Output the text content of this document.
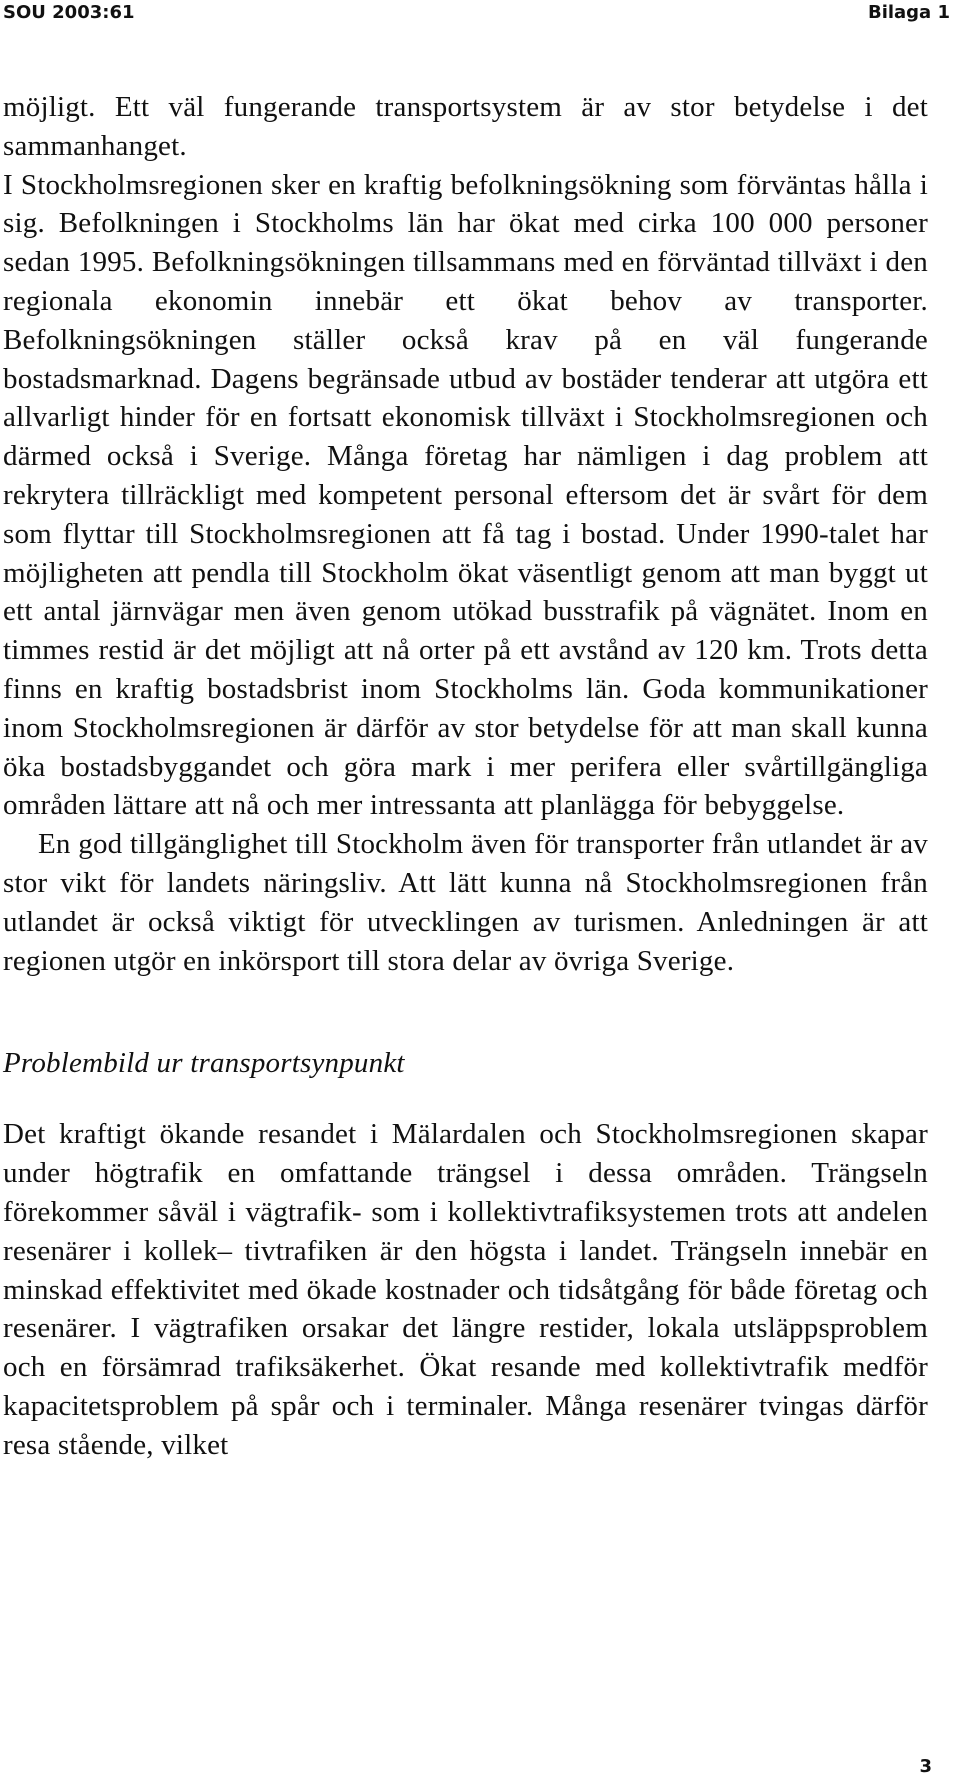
SOU 2003:61	Bilaga 1

möjligt. Ett väl fungerande transportsystem är av stor betydelse i det sammanhanget.

I Stockholmsregionen sker en kraftig befolkningsökning som förväntas hålla i sig. Befolkningen i Stockholms län har ökat med cirka 100 000 personer sedan 1995. Befolkningsökningen tillsammans med en förväntad tillväxt i den regionala ekonomin innebär ett ökat behov av transporter. Befolkningsökningen ställer också krav på en väl fungerande bostadsmarknad. Dagens begränsade utbud av bostäder tenderar att utgöra ett allvarligt hinder för en fortsatt ekonomisk tillväxt i Stockholmsregionen och därmed också i Sverige. Många företag har nämligen i dag problem att rekrytera tillräckligt med kompetent personal eftersom det är svårt för dem som flyttar till Stockholmsregionen att få tag i bostad. Under 1990-talet har möjligheten att pendla till Stockholm ökat väsentligt genom att man byggt ut ett antal järnvägar men även genom utökad busstrafik på vägnätet. Inom en timmes restid är det möjligt att nå orter på ett avstånd av 120 km. Trots detta finns en kraftig bostadsbrist inom Stockholms län. Goda kommunikationer inom Stockholmsregionen är därför av stor betydelse för att man skall kunna öka bostadsbyggandet och göra mark i mer perifera eller svårtillgängliga områden lättare att nå och mer intressanta att planlägga för bebyggelse.

En god tillgänglighet till Stockholm även för transporter från utlandet är av stor vikt för landets näringsliv. Att lätt kunna nå Stockholmsregionen från utlandet är också viktigt för utvecklingen av turismen. Anledningen är att regionen utgör en inkörsport till stora delar av övriga Sverige.

Problembild ur transportsynpunkt

Det kraftigt ökande resandet i Mälardalen och Stockholmsregionen skapar under högtrafik en omfattande trängsel i dessa områden. Trängseln förekommer såväl i vägtrafik- som i kollektivtrafiksystemen trots att andelen resenärer i kollek– tivtrafiken är den högsta i landet. Trängseln innebär en minskad effektivitet med ökade kostnader och tidsåtgång för både företag och resenärer. I vägtrafiken orsakar det längre restider, lokala utsläppsproblem och en försämrad trafiksäkerhet. Ökat resande med kollektivtrafik medför kapacitetsproblem på spår och i terminaler. Många resenärer tvingas därför resa stående, vilket

3
